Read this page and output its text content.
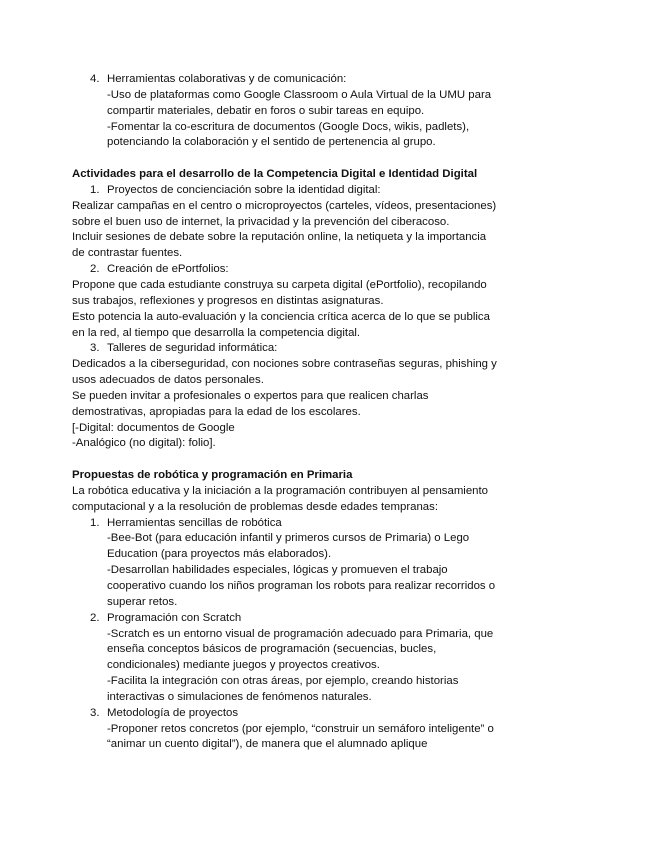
4. Herramientas colaborativas y de comunicación:
-Uso de plataformas como Google Classroom o Aula Virtual de la UMU para
compartir materiales, debatir en foros o subir tareas en equipo.
-Fomentar la co-escritura de documentos (Google Docs, wikis, padlets),
potenciando la colaboración y el sentido de pertenencia al grupo.
Actividades para el desarrollo de la Competencia Digital e Identidad Digital
1. Proyectos de concienciación sobre la identidad digital:
Realizar campañas en el centro o microproyectos (carteles, vídeos, presentaciones)
sobre el buen uso de internet, la privacidad y la prevención del ciberacoso.
Incluir sesiones de debate sobre la reputación online, la netiqueta y la importancia
de contrastar fuentes.
2. Creación de ePortfolios:
Propone que cada estudiante construya su carpeta digital (ePortfolio), recopilando
sus trabajos, reflexiones y progresos en distintas asignaturas.
Esto potencia la auto-evaluación y la conciencia crítica acerca de lo que se publica
en la red, al tiempo que desarrolla la competencia digital.
3. Talleres de seguridad informática:
Dedicados a la ciberseguridad, con nociones sobre contraseñas seguras, phishing y
usos adecuados de datos personales.
Se pueden invitar a profesionales o expertos para que realicen charlas
demostrativas, apropiadas para la edad de los escolares.
[-Digital: documentos de Google
-Analógico (no digital): folio].
Propuestas de robótica y programación en Primaria
La robótica educativa y la iniciación a la programación contribuyen al pensamiento
computacional y a la resolución de problemas desde edades tempranas:
1. Herramientas sencillas de robótica
-Bee-Bot (para educación infantil y primeros cursos de Primaria) o Lego
Education (para proyectos más elaborados).
-Desarrollan habilidades especiales, lógicas y promueven el trabajo
cooperativo cuando los niños programan los robots para realizar recorridos o
superar retos.
2. Programación con Scratch
-Scratch es un entorno visual de programación adecuado para Primaria, que
enseña conceptos básicos de programación (secuencias, bucles,
condicionales) mediante juegos y proyectos creativos.
-Facilita la integración con otras áreas, por ejemplo, creando historias
interactivas o simulaciones de fenómenos naturales.
3. Metodología de proyectos
-Proponer retos concretos (por ejemplo, “construir un semáforo inteligente” o
“animar un cuento digital”), de manera que el alumnado aplique
